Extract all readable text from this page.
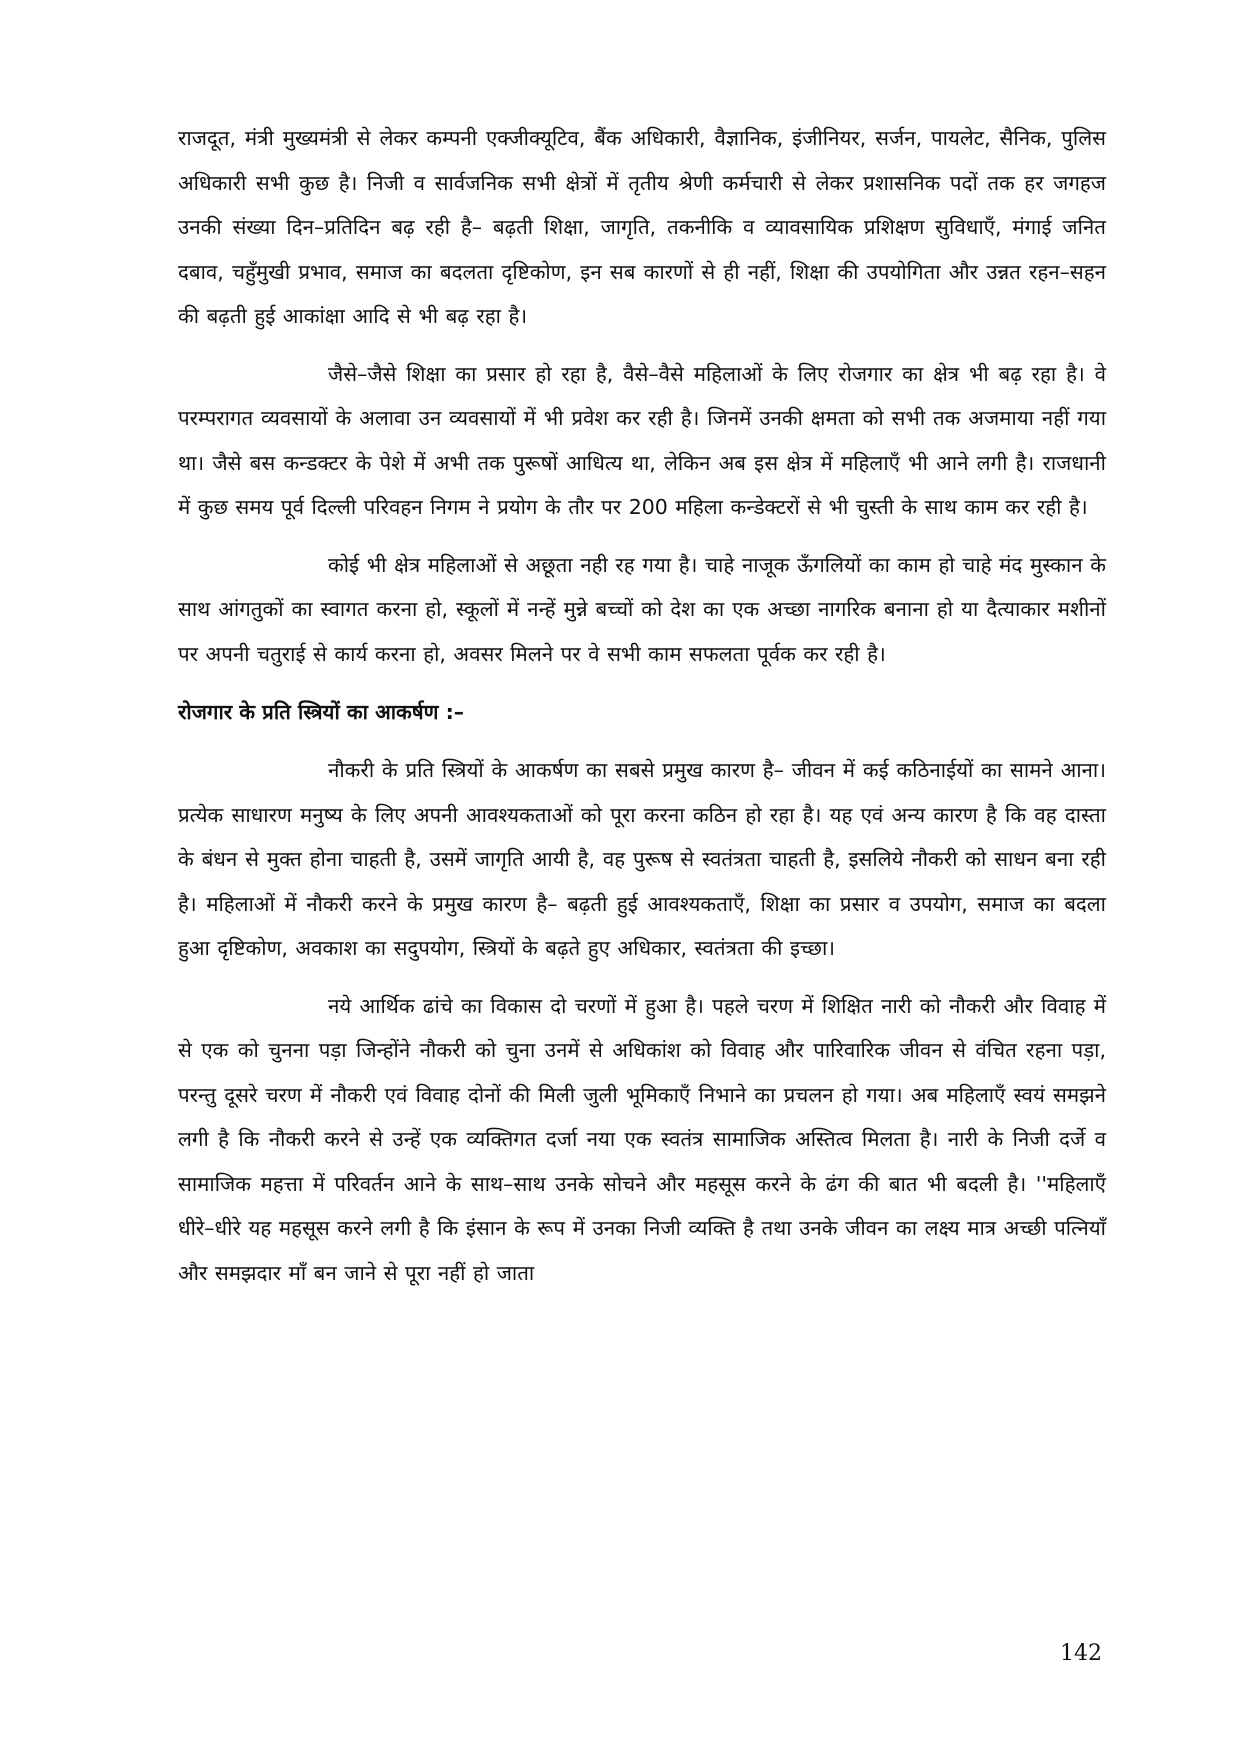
राजदूत, मंत्री मुख्यमंत्री से लेकर कम्पनी एक्जीक्यूटिव, बैंक अधिकारी, वैज्ञानिक, इंजीनियर, सर्जन, पायलेट, सैनिक, पुलिस अधिकारी सभी कुछ है। निजी व सार्वजनिक सभी क्षेत्रों में तृतीय श्रेणी कर्मचारी से लेकर प्रशासनिक पदों तक हर जगहज उनकी संख्या दिन–प्रतिदिन बढ़ रही है– बढ़ती शिक्षा, जागृति, तकनीकि व व्यावसायिक प्रशिक्षण सुविधाएँ, मंगाई जनित दबाव, चहुँमुखी प्रभाव, समाज का बदलता दृष्टिकोण, इन सब कारणों से ही नहीं, शिक्षा की उपयोगिता और उन्नत रहन–सहन की बढ़ती हुई आकांक्षा आदि से भी बढ़ रहा है।

जैसे–जैसे शिक्षा का प्रसार हो रहा है, वैसे–वैसे महिलाओं के लिए रोजगार का क्षेत्र भी बढ़ रहा है। वे परम्परागत व्यवसायों के अलावा उन व्यवसायों में भी प्रवेश कर रही है। जिनमें उनकी क्षमता को सभी तक अजमाया नहीं गया था। जैसे बस कन्डक्टर के पेशे में अभी तक पुरूषों आधित्य था, लेकिन अब इस क्षेत्र में महिलाएँ भी आने लगी है। राजधानी में कुछ समय पूर्व दिल्ली परिवहन निगम ने प्रयोग के तौर पर 200 महिला कन्डेक्टरों से भी चुस्ती के साथ काम कर रही है।

कोई भी क्षेत्र महिलाओं से अछूता नही रह गया है। चाहे नाजूक ऊँगलियों का काम हो चाहे मंद मुस्कान के साथ आंगतुकों का स्वागत करना हो, स्कूलों में नन्हें मुन्ने बच्चों को देश का एक अच्छा नागरिक बनाना हो या दैत्याकार मशीनों पर अपनी चतुराई से कार्य करना हो, अवसर मिलने पर वे सभी काम सफलता पूर्वक कर रही है।

रोजगार के प्रति स्त्रियों का आकर्षण :–

नौकरी के प्रति स्त्रियों के आकर्षण का सबसे प्रमुख कारण है– जीवन में कई कठिनाईयों का सामने आना। प्रत्येक साधारण मनुष्य के लिए अपनी आवश्यकताओं को पूरा करना कठिन हो रहा है। यह एवं अन्य कारण है कि वह दास्ता के बंधन से मुक्त होना चाहती है, उसमें जागृति आयी है, वह पुरूष से स्वतंत्रता चाहती है, इसलिये नौकरी को साधन बना रही है। महिलाओं में नौकरी करने के प्रमुख कारण है– बढ़ती हुई आवश्यकताएँ, शिक्षा का प्रसार व उपयोग, समाज का बदला हुआ दृष्टिकोण, अवकाश का सदुपयोग, स्त्रियों के बढ़ते हुए अधिकार, स्वतंत्रता की इच्छा।

नये आर्थिक ढांचे का विकास दो चरणों में हुआ है। पहले चरण में शिक्षित नारी को नौकरी और विवाह में से एक को चुनना पड़ा जिन्होंने नौकरी को चुना उनमें से अधिकांश को विवाह और पारिवारिक जीवन से वंचित रहना पड़ा, परन्तु दूसरे चरण में नौकरी एवं विवाह दोनों की मिली जुली भूमिकाएँ निभाने का प्रचलन हो गया। अब महिलाएँ स्वयं समझने लगी है कि नौकरी करने से उन्हें एक व्यक्तिगत दर्जा नया एक स्वतंत्र सामाजिक अस्तित्व मिलता है। नारी के निजी दर्जे व सामाजिक महत्ता में परिवर्तन आने के साथ–साथ उनके सोचने और महसूस करने के ढंग की बात भी बदली है। ''महिलाएँ धीरे–धीरे यह महसूस करने लगी है कि इंसान के रूप में उनका निजी व्यक्ति है तथा उनके जीवन का लक्ष्य मात्र अच्छी पत्नियाँ और समझदार माँ बन जाने से पूरा नहीं हो जाता

142
